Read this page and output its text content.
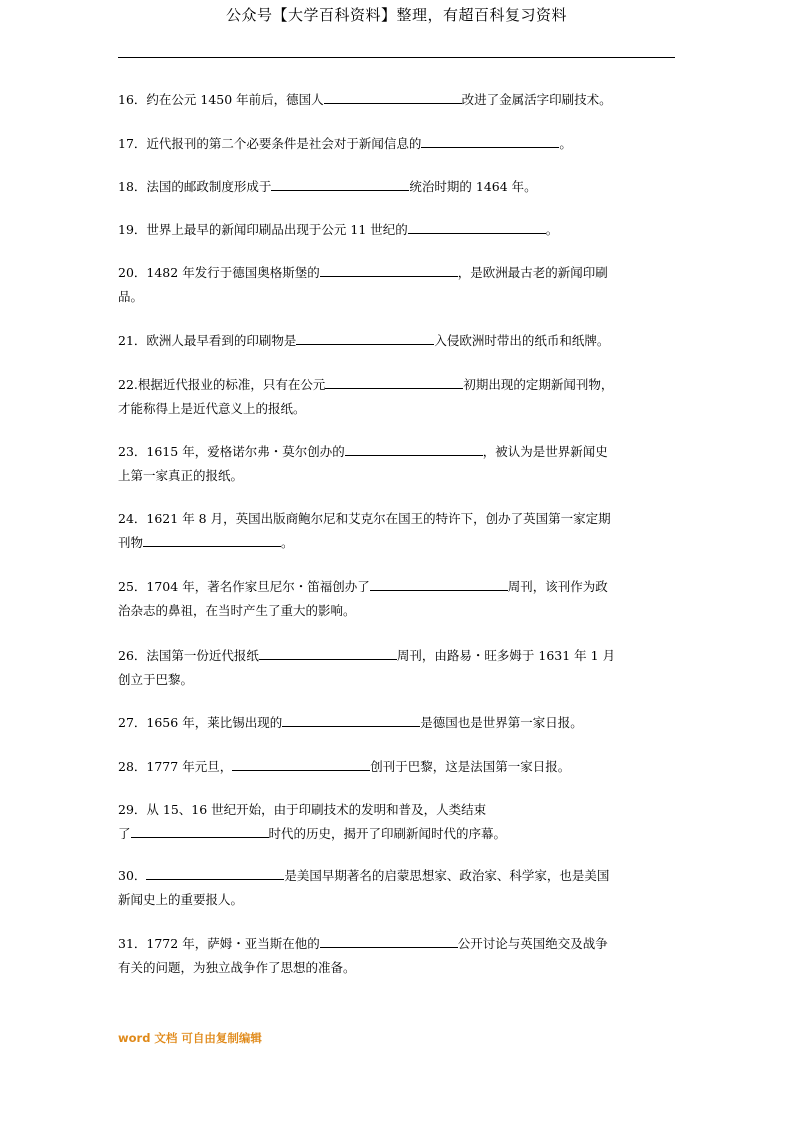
公众号【大学百科资料】整理，有超百科复习资料
16．约在公元 1450 年前后，德国人	改进了金属活字印刷技术。
17．近代报刊的第二个必要条件是社会对于新闻信息的	。
18．法国的邮政制度形成于	统治时期的 1464 年。
19．世界上最早的新闻印刷品出现于公元 11 世纪的	。
20．1482 年发行于德国奥格斯堡的	，是欧洲最古老的新闻印刷
品。
21．欧洲人最早看到的印刷物是	入侵欧洲时带出的纸币和纸牌。
22.根据近代报业的标准，只有在公元	初期出现的定期新闻刊物，
才能称得上是近代意义上的报纸。
23．1615 年，爱格诺尔弗・莫尔创办的	，被认为是世界新闻史
上第一家真正的报纸。
24．1621 年 8 月，英国出版商鲍尔尼和艾克尔在国王的特许下，创办了英国第一家定期
刊物	。
25．1704 年，著名作家旦尼尔・笛福创办了	周刊，该刊作为政
治杂志的鼻祖，在当时产生了重大的影响。
26．法国第一份近代报纸	周刊，由路易・旺多姆于 1631 年 1 月
创立于巴黎。
27．1656 年，莱比锡出现的	是德国也是世界第一家日报。
28．1777 年元旦，	创刊于巴黎，这是法国第一家日报。
29．从 15、16 世纪开始，由于印刷技术的发明和普及，人类结束
了	时代的历史，揭开了印刷新闻时代的序幕。
30．	是美国早期著名的启蒙思想家、政治家、科学家，也是美国
新闻史上的重要报人。
31．1772 年，萨姆・亚当斯在他的	公开讨论与英国绝交及战争
有关的问题，为独立战争作了思想的准备。
word 文档 可自由复制编辑
